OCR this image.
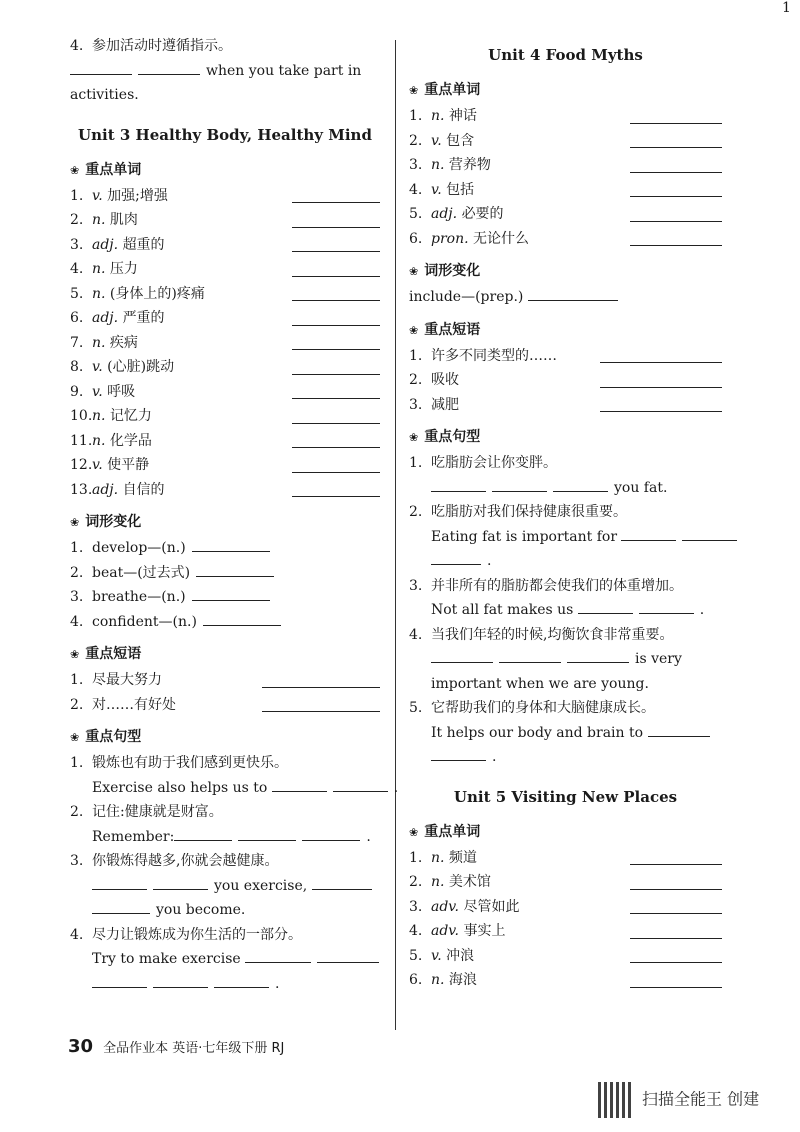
1
4. 参加活动时遵循指示。
when you take part in
activities.
Unit 3 Healthy Body, Healthy Mind
❀ 重点单词
1. v. 加强;增强
2. n. 肌肉
3. adj. 超重的
4. n. 压力
5. n. (身体上的)疼痛
6. adj. 严重的
7. n. 疾病
8. v. (心脏)跳动
9. v. 呼吸
10.n. 记忆力
11.n. 化学品
12.v. 使平静
13.adj. 自信的
❀ 词形变化
1. develop—(n.)
2. beat—(过去式)
3. breathe—(n.)
4. confident—(n.)
❀ 重点短语
1. 尽最大努力
2. 对……有好处
❀ 重点句型
1. 锻炼也有助于我们感到更快乐。
Exercise also helps us to	.
2. 记住:健康就是财富。
Remember:	.
3. 你锻炼得越多,你就会越健康。
you exercise,
you become.
4. 尽力让锻炼成为你生活的一部分。
Try to make exercise
.
Unit 4 Food Myths
❀ 重点单词
1. n. 神话
2. v. 包含
3. n. 营养物
4. v. 包括
5. adj. 必要的
6. pron. 无论什么
❀ 词形变化
include—(prep.)
❀ 重点短语
1. 许多不同类型的……
2. 吸收
3. 减肥
❀ 重点句型
1. 吃脂肪会让你变胖。
you fat.
2. 吃脂肪对我们保持健康很重要。
Eating fat is important for
.
3. 并非所有的脂肪都会使我们的体重增加。
Not all fat makes us	.
4. 当我们年轻的时候,均衡饮食非常重要。
is very
important when we are young.
5. 它帮助我们的身体和大脑健康成长。
It helps our body and brain to
.
Unit 5 Visiting New Places
❀ 重点单词
1. n. 频道
2. n. 美术馆
3. adv. 尽管如此
4. adv. 事实上
5. v. 冲浪
6. n. 海浪
30 全品作业本 英语·七年级下册 RJ
扫描全能王 创建
